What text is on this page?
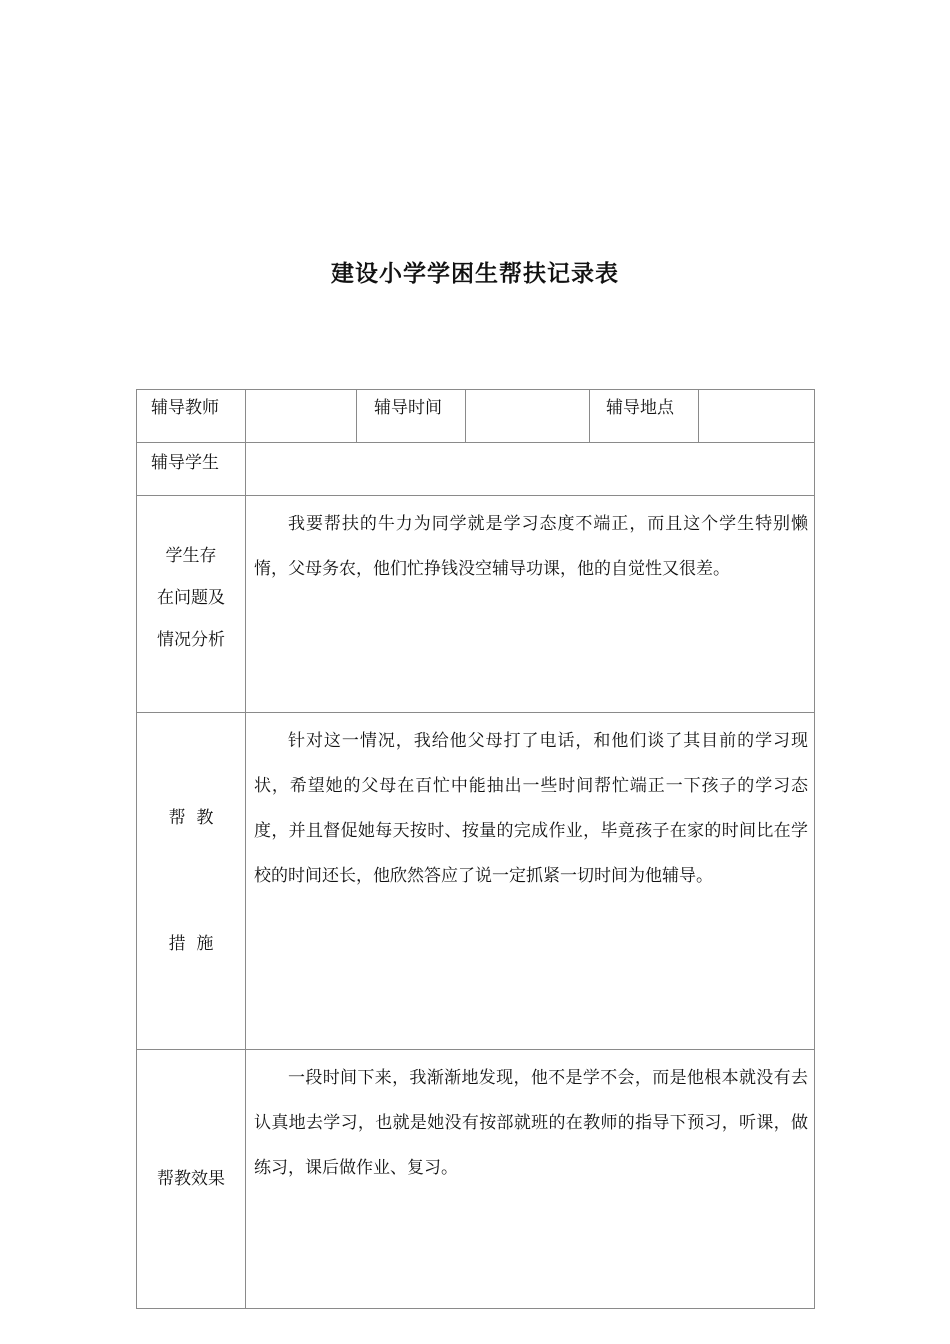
建设小学学困生帮扶记录表
辅导教师		辅导时间		辅导地点	
辅导学生					

学生存
在问题及
情况分析	我要帮扶的牛力为同学就是学习态度不端正，而且这个学生特别懒惰，父母务农，他们忙挣钱没空辅导功课，他的自觉性又很差。				

帮  教

措  施	针对这一情况，我给他父母打了电话，和他们谈了其目前的学习现状，希望她的父母在百忙中能抽出一些时间帮忙端正一下孩子的学习态度，并且督促她每天按时、按量的完成作业，毕竟孩子在家的时间比在学校的时间还长，他欣然答应了说一定抓紧一切时间为他辅导。				

帮教效果	一段时间下来，我渐渐地发现，他不是学不会，而是他根本就没有去认真地去学习，也就是她没有按部就班的在教师的指导下预习，听课，做练习，课后做作业、复习。				
